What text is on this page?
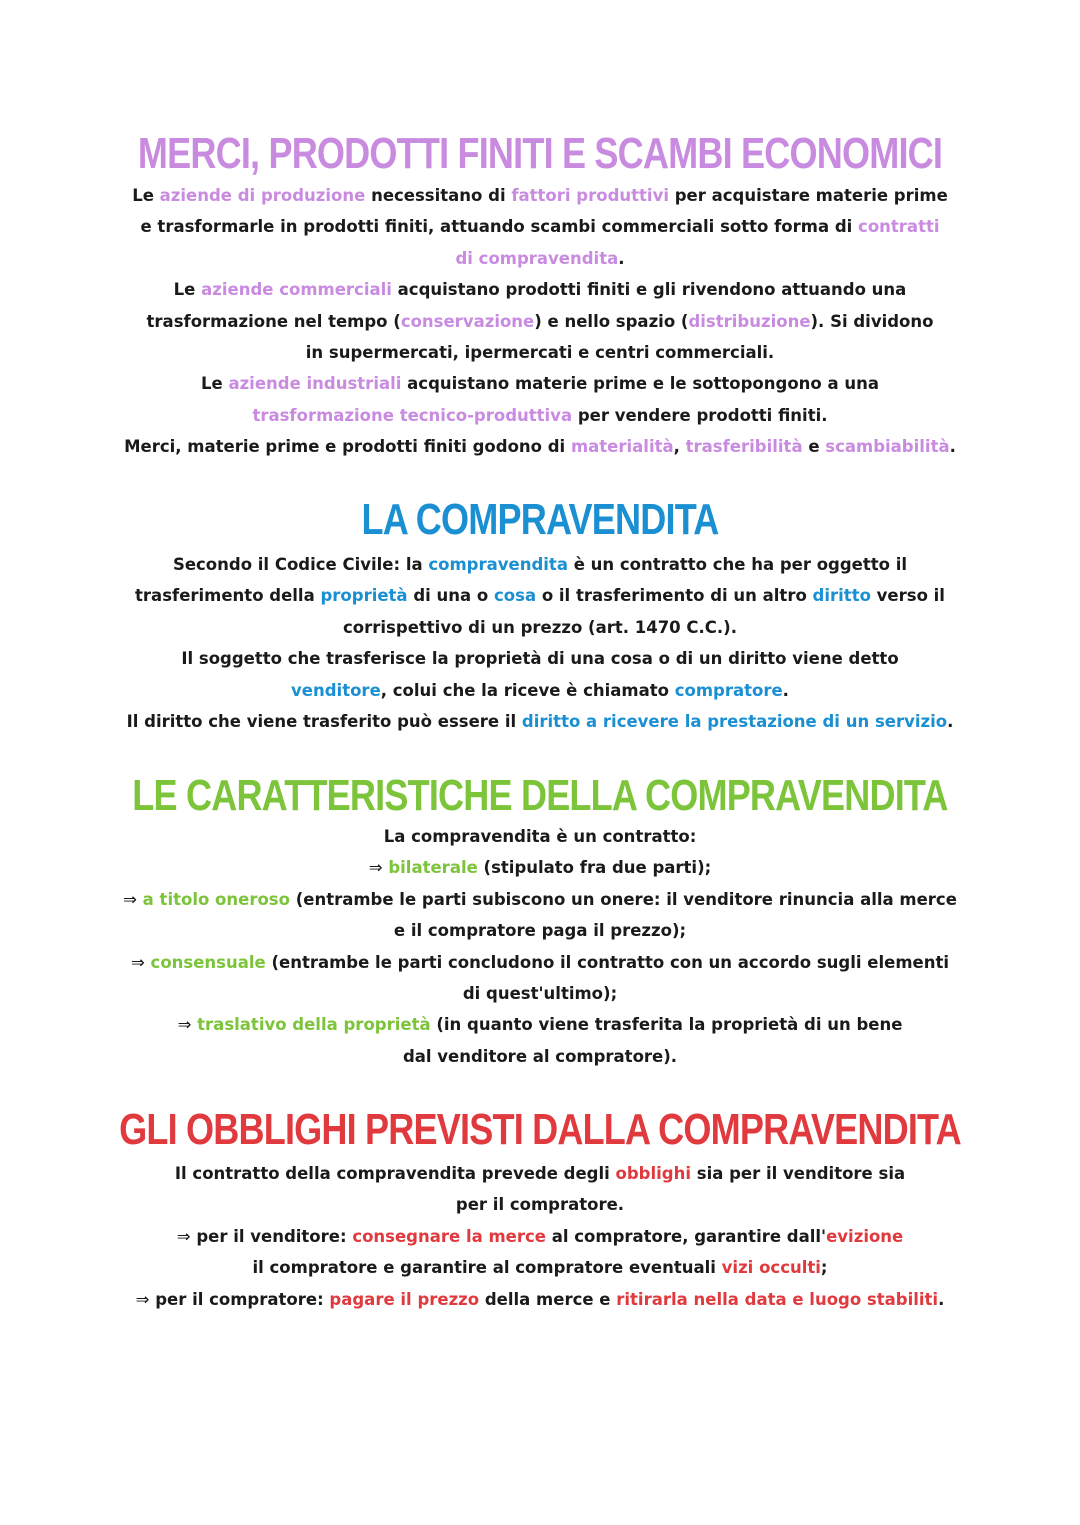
MERCI, PRODOTTI FINITI E SCAMBI ECONOMICI

Le aziende di produzione necessitano di fattori produttivi per acquistare materie prime e trasformarle in prodotti finiti, attuando scambi commerciali sotto forma di contratti di compravendita.

Le aziende commerciali acquistano prodotti finiti e gli rivendono attuando una trasformazione nel tempo (conservazione) e nello spazio (distribuzione). Si dividono in supermercati, ipermercati e centri commerciali.

Le aziende industriali acquistano materie prime e le sottopongono a una trasformazione tecnico-produttiva per vendere prodotti finiti.

Merci, materie prime e prodotti finiti godono di materialità, trasferibilità e scambiabilità.

LA COMPRAVENDITA

Secondo il Codice Civile: la compravendita è un contratto che ha per oggetto il trasferimento della proprietà di una o cosa o il trasferimento di un altro diritto verso il corrispettivo di un prezzo (art. 1470 C.C.).

Il soggetto che trasferisce la proprietà di una cosa o di un diritto viene detto venditore, colui che la riceve è chiamato compratore.

Il diritto che viene trasferito può essere il diritto a ricevere la prestazione di un servizio.

LE CARATTERISTICHE DELLA COMPRAVENDITA

La compravendita è un contratto:

⇒ bilaterale (stipulato fra due parti);

⇒ a titolo oneroso (entrambe le parti subiscono un onere: il venditore rinuncia alla merce e il compratore paga il prezzo);

⇒ consensuale (entrambe le parti concludono il contratto con un accordo sugli elementi di quest'ultimo);

⇒ traslativo della proprietà (in quanto viene trasferita la proprietà di un bene dal venditore al compratore).

GLI OBBLIGHI PREVISTI DALLA COMPRAVENDITA

Il contratto della compravendita prevede degli obblighi sia per il venditore sia per il compratore.

⇒ per il venditore: consegnare la merce al compratore, garantire dall'evizione il compratore e garantire al compratore eventuali vizi occulti;

⇒ per il compratore: pagare il prezzo della merce e ritirarla nella data e luogo stabiliti.
